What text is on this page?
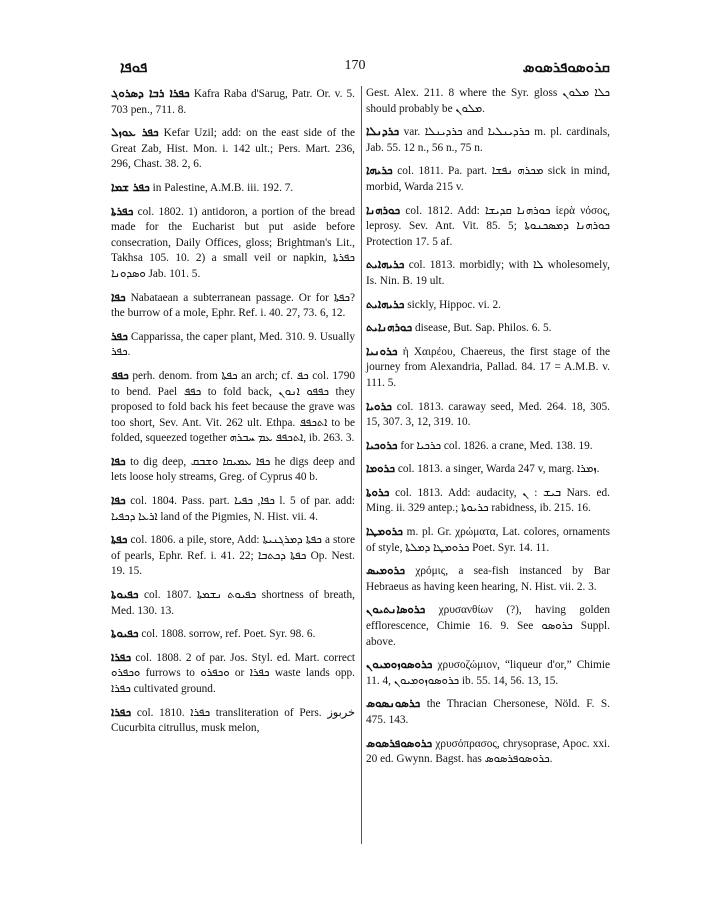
ܦܘܦܐ	170	ܩܪܘܣܘܦܪܣܘܣ

ܟܦܪܐ ܪܒܐ ܕܣܪܘܓ Kafra Raba d'Sarug, Patr. Or. v. 5. 703 pen., 711. 8.

ܟܦܪ ܥܘܙܠ Kefar Uzil; add: on the east side of the Great Zab, Hist. Mon. i. 142 ult.; Pers. Mart. 236, 296, Chast. 38. 2, 6.

ܟܦܪ ܫܡܐ in Palestine, A.M.B. iii. 192. 7.

ܟܦܪܬܐ col. 1802. 1) antidoron, a portion of the bread made for the Eucharist but put aside before consecration, Daily Offices, gloss; Brightman's Lit., Takhsa 105. 10. 2) a small veil or napkin, ܟܦܪܬܐ ܘܣܕܘܢܐ Jab. 101. 5.

ܟܦܐ Nabataean a subterranean passage. Or for ܟܦܬܐ? the burrow of a mole, Ephr. Ref. i. 40. 27, 73. 6, 12.

ܟܦܪ Capparissa, the caper plant, Med. 310. 9. Usually ܟܦܪ.

ܟܦܦ perh. denom. from ܟܦܬܐ an arch; cf. ܟܦ col. 1790 to bend. Pael ܟܦܦ to fold back, ܟܦܦܘ ܐܢܘܢ they proposed to fold back his feet because the grave was too short, Sev. Ant. Vit. 262 ult. Ethpa. ܐܬܟܦܦ to be folded, squeezed together ܐܬܟܦܦ ܥܡ ܚܒܪܗ, ib. 263. 3.

ܟܦܐ to dig deep, ܟܦܐ ܥܡܝܩܐ ܘܫܒܩ he digs deep and lets loose holy streams, Greg. of Cyprus 40 b.

ܟܦܐ col. 1804. Pass. part. ܟܦܐ, ܟܦܝܐ l. 5 of par. add: ܐܪܥܐ ܕܟܦܝܐ land of the Pigmies, N. Hist. vii. 4.

ܟܦܬܐ col. 1806. a pile, store, Add: ܟܦܬܐ ܕܡܪܓܢܝܬܐ a store of pearls, Ephr. Ref. i. 41. 22; ܟܦܬܐ ܕܟܬܒܐ Op. Nest. 19. 15.

ܟܦܝܘܬܐ col. 1807. ܟܦܝܘܬ ܢܫܡܬܐ shortness of breath, Med. 130. 13.

ܟܦܝܘܬܐ col. 1808. sorrow, ref. Poet. Syr. 98. 6.

ܟܦܪܐ col. 1808. 2 of par. Jos. Styl. ed. Mart. correct ܘܟܦܪܘ furrows to ܘܟܦܪܘ or ܟܦܪܐ waste lands opp. ܟܦܪܐ cultivated ground.

ܟܦܪܐ col. 1810. ܟܦܪܐ transliteration of Pers. خربوز Cucurbita citrullus, musk melon,

Gest. Alex. 211. 8 where the Syr. gloss ܟܠܐ ܡܠܘܢ should probably be ܡܠܘܢ.

ܟܪܕܢܠܐ var. ܟܪܕܝܢܠܐ and ܟܪܕܝܢܠܝܐ m. pl. cardinals, Jab. 55. 12 n., 56 n., 75 n.

ܟܪܝܗܐ col. 1811. Pa. part. ܡܟܪܗ ܢܦܫܐ sick in mind, morbid, Warda 215 v.

ܟܘܪܗܢܐ col. 1812. Add: ܟܘܪܗܢܐ ܩܕܝܫܐ ἱερὰ νόσος, leprosy. Sev. Ant. Vit. 85. 5; ܟܘܪܗܢܐ ܕܡܣܟܢܘܬܐ Protection 17. 5 af.

ܟܪܝܗܐܝܬ col. 1813. morbidly; with ܠܐ wholesomely, Is. Nin. B. 19 ult.

ܟܪܝܗܐܝܬ sickly, Hippoc. vi. 2.

ܟܘܪܗܢܐܝܬ disease, But. Sap. Philos. 6. 5.

ܟܪܘܢܝܐ ἡ Χαιρέου, Chaereus, the first stage of the journey from Alexandria, Pallad. 84. 17 = A.M.B. v. 111. 5.

ܟܪܘܝܐ col. 1813. caraway seed, Med. 264. 18, 305. 15, 307. 3, 12, 319. 10.

ܟܪܘܟܝܐ for ܟܪܟܝܐ col. 1826. a crane, Med. 138. 19.

ܟܪܘܡܐ col. 1813. a singer, Warda 247 v, marg. ܙܡܪܐ.

ܟܪܘܬܐ col. 1813. Add: audacity, ܒܝܫ : ܢ Nars. ed. Ming. ii. 329 antep.; ܟܪܝܘܬܐ rabidness, ib. 215. 16.

ܟܪܘܡܛܐ m. pl. Gr. χρώματα, Lat. colores, ornaments of style, ܟܪܘܡܛܐ ܕܡܠܬܐ Poet. Syr. 14. 11.

ܟܪܘܡܝܣ χρόμις, a sea-fish instanced by Bar Hebraeus as having keen hearing, N. Hist. vii. 2. 3.

ܟܪܘܣܐܢܬܝܘܢ χρυσανθίων (?), having golden efflorescence, Chimie 16. 9. See ܟܪܘܣܘ Suppl. above.

ܟܪܘܣܘܙܘܡܝܘܢ χρυσοζώμιον, “liqueur d'or,” Chimie 11. 4, ܟܪܘܣܘܙܘܡܝܘܢ ib. 55. 14, 56. 13, 15.

ܟܪܣܘܢܣܘܣ the Thracian Chersonese, Nöld. F. S. 475. 143.

ܟܪܘܣܘܦܪܣܘܣ χρυσόπρασος, chrysoprase, Apoc. xxi. 20 ed. Gwynn. Bagst. has ܟܪܘܣܘܦܪܣܘܣ.
